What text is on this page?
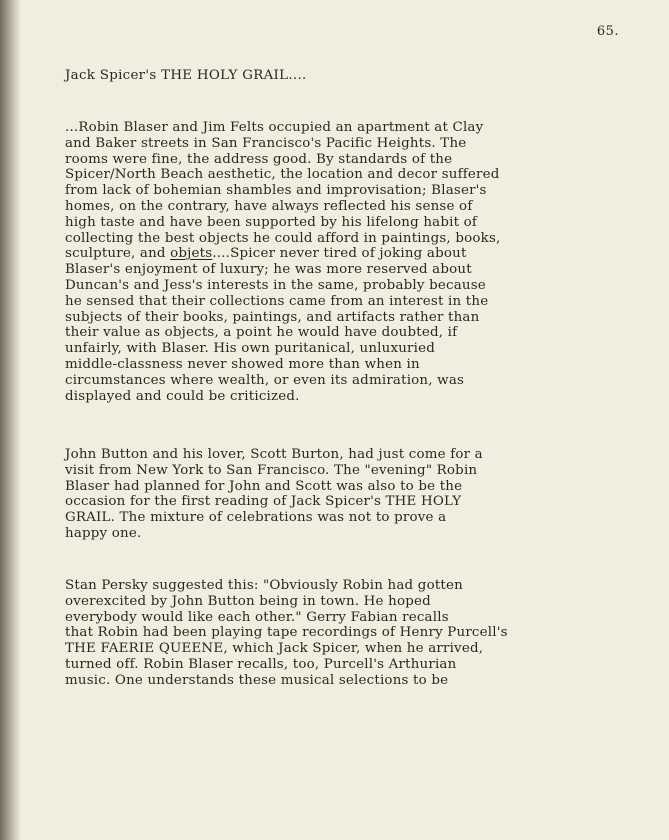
65.
Jack Spicer's THE HOLY GRAIL....
...Robin Blaser and Jim Felts occupied an apartment at Clay
and Baker streets in San Francisco's Pacific Heights. The
rooms were fine, the address good. By standards of the
Spicer/North Beach aesthetic, the location and decor suffered
from lack of bohemian shambles and improvisation; Blaser's
homes, on the contrary, have always reflected his sense of
high taste and have been supported by his lifelong habit of
collecting the best objects he could afford in paintings, books,
sculpture, and objets....Spicer never tired of joking about
Blaser's enjoyment of luxury; he was more reserved about
Duncan's and Jess's interests in the same, probably because
he sensed that their collections came from an interest in the
subjects of their books, paintings, and artifacts rather than
their value as objects, a point he would have doubted, if
unfairly, with Blaser. His own puritanical, unluxuried
middle-classness never showed more than when in
circumstances where wealth, or even its admiration, was
displayed and could be criticized.
John Button and his lover, Scott Burton, had just come for a
visit from New York to San Francisco. The "evening" Robin
Blaser had planned for John and Scott was also to be the
occasion for the first reading of Jack Spicer's THE HOLY
GRAIL. The mixture of celebrations was not to prove a
happy one.
Stan Persky suggested this: "Obviously Robin had gotten
overexcited by John Button being in town. He hoped
everybody would like each other." Gerry Fabian recalls
that Robin had been playing tape recordings of Henry Purcell's
THE FAERIE QUEENE, which Jack Spicer, when he arrived,
turned off. Robin Blaser recalls, too, Purcell's Arthurian
music. One understands these musical selections to be
